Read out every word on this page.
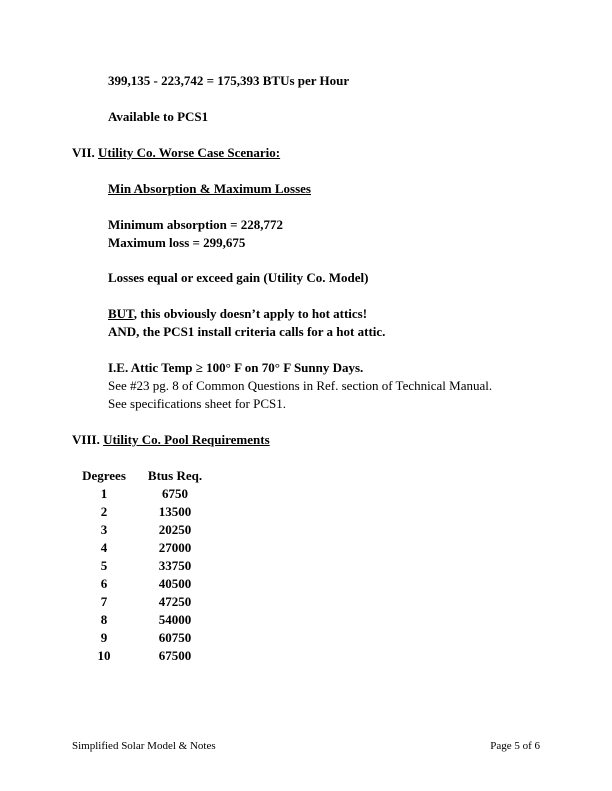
399,135 - 223,742 = 175,393 BTUs per Hour
Available to PCS1
VII. Utility Co. Worse Case Scenario:
Min Absorption & Maximum Losses
Minimum absorption = 228,772
Maximum loss = 299,675
Losses equal or exceed gain (Utility Co. Model)
BUT, this obviously doesn’t apply to hot attics!
AND, the PCS1 install criteria calls for a hot attic.
I.E. Attic Temp ≥ 100° F on 70° F Sunny Days.
See #23 pg. 8 of Common Questions in Ref. section of Technical Manual.
See specifications sheet for PCS1.
VIII. Utility Co. Pool Requirements
Degrees	Btus Req.
1	6750
2	13500
3	20250
4	27000
5	33750
6	40500
7	47250
8	54000
9	60750
10	67500
Simplified Solar Model & Notes	Page 5 of 6
